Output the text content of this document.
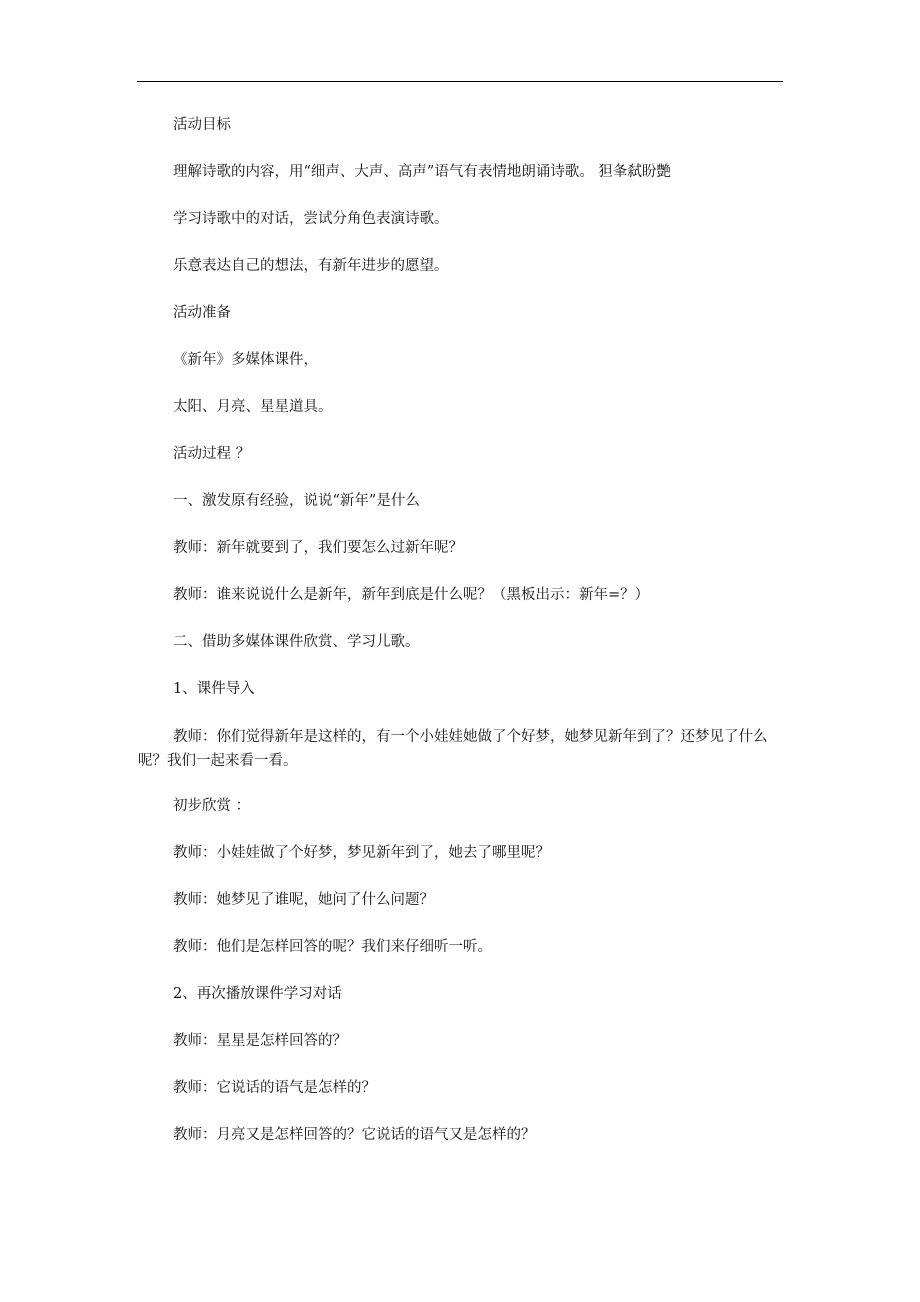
活动目标

理解诗歌的内容，用“细声、大声、高声”语气有表情地朗诵诗歌。 狚夆弑盼艶

学习诗歌中的对话，尝试分角色表演诗歌。

乐意表达自己的想法，有新年进步的愿望。

活动准备

《新年》多媒体课件，

太阳、月亮、星星道具。

活动过程 ？

一、激发原有经验，说说“新年”是什么

教师：新年就要到了，我们要怎么过新年呢？

教师：谁来说说什么是新年，新年到底是什么呢？（黑板出示：新年=？）

二、借助多媒体课件欣赏、学习儿歌。

1、课件导入

教师：你们觉得新年是这样的，有一个小娃娃她做了个好梦，她梦见新年到了？还梦见了什么呢？我们一起来看一看。

初步欣赏 ：

教师：小娃娃做了个好梦，梦见新年到了，她去了哪里呢？

教师：她梦见了谁呢，她问了什么问题？

教师：他们是怎样回答的呢？我们来仔细听一听。

2、再次播放课件学习对话

教师：星星是怎样回答的？

教师：它说话的语气是怎样的？

教师：月亮又是怎样回答的？它说话的语气又是怎样的？
